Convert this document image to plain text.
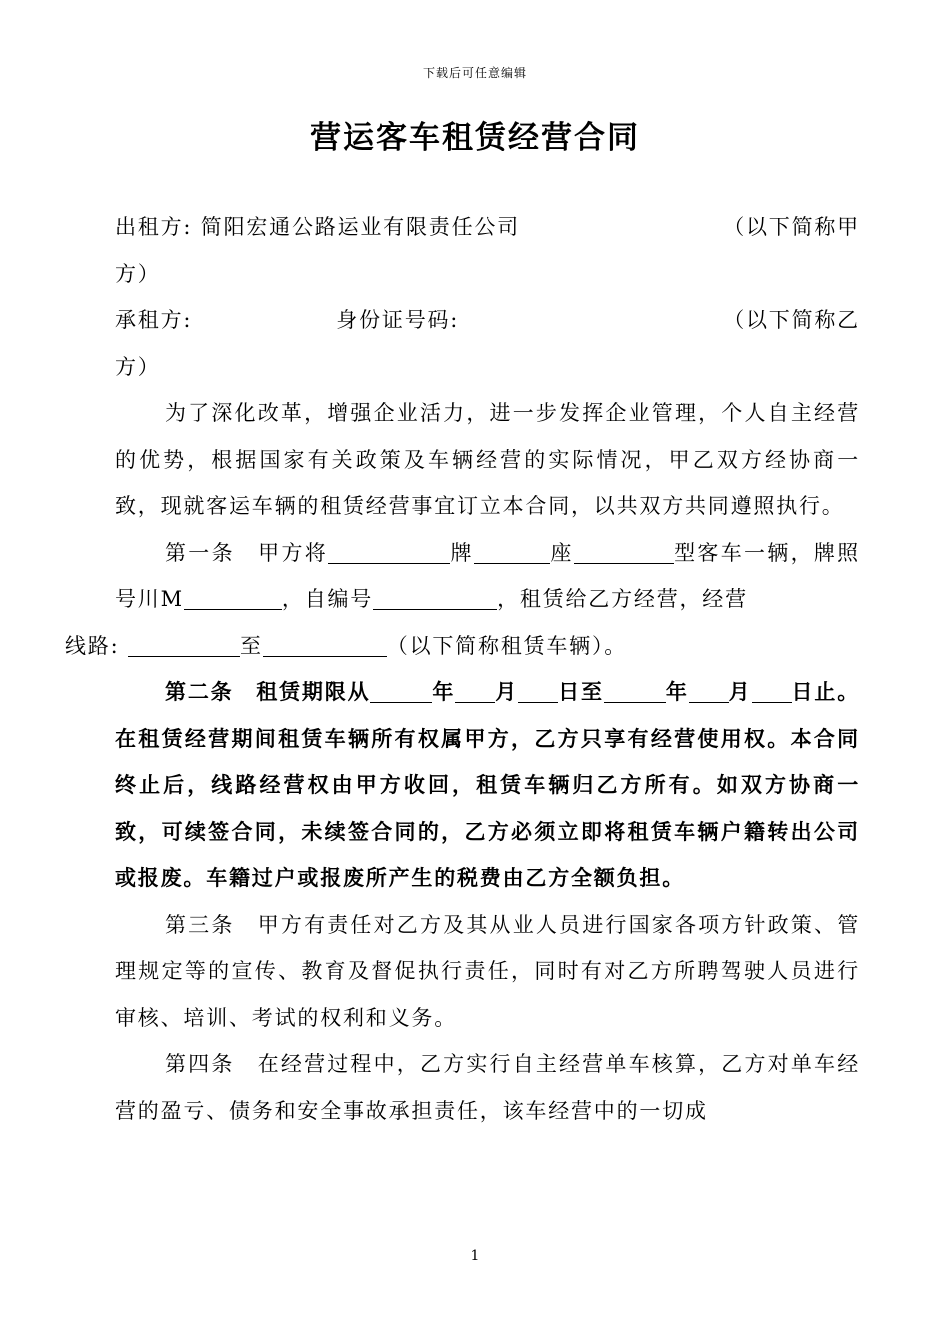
下载后可任意编辑
营运客车租赁经营合同
出租方: 简阳宏通公路运业有限责任公司	（以下简称甲
方）
承租方:	身份证号码:	（以下简称乙
方）
为了深化改革，增强企业活力，进一步发挥企业管理，个人自主经营的优势，根据国家有关政策及车辆经营的实际情况，甲乙双方经协商一致，现就客运车辆的租赁经营事宜订立本合同，以共双方共同遵照执行。
第一条　甲方将	牌	座	型客车一辆，牌照号川M	，自编号	，租赁给乙方经营，经营
线路:	至	（以下简称租赁车辆）。
第二条　租赁期限从	年 月 日至	年 月 日止。在租赁经营期间租赁车辆所有权属甲方，乙方只享有经营使用权。本合同终止后，线路经营权由甲方收回，租赁车辆归乙方所有。如双方协商一致，可续签合同，未续签合同的，乙方必须立即将租赁车辆户籍转出公司或报废。车籍过户或报废所产生的税费由乙方全额负担。
第三条　甲方有责任对乙方及其从业人员进行国家各项方针政策、管理规定等的宣传、教育及督促执行责任，同时有对乙方所聘驾驶人员进行审核、培训、考试的权利和义务。
第四条　在经营过程中，乙方实行自主经营单车核算，乙方对单车经营的盈亏、债务和安全事故承担责任，该车经营中的一切成
1
